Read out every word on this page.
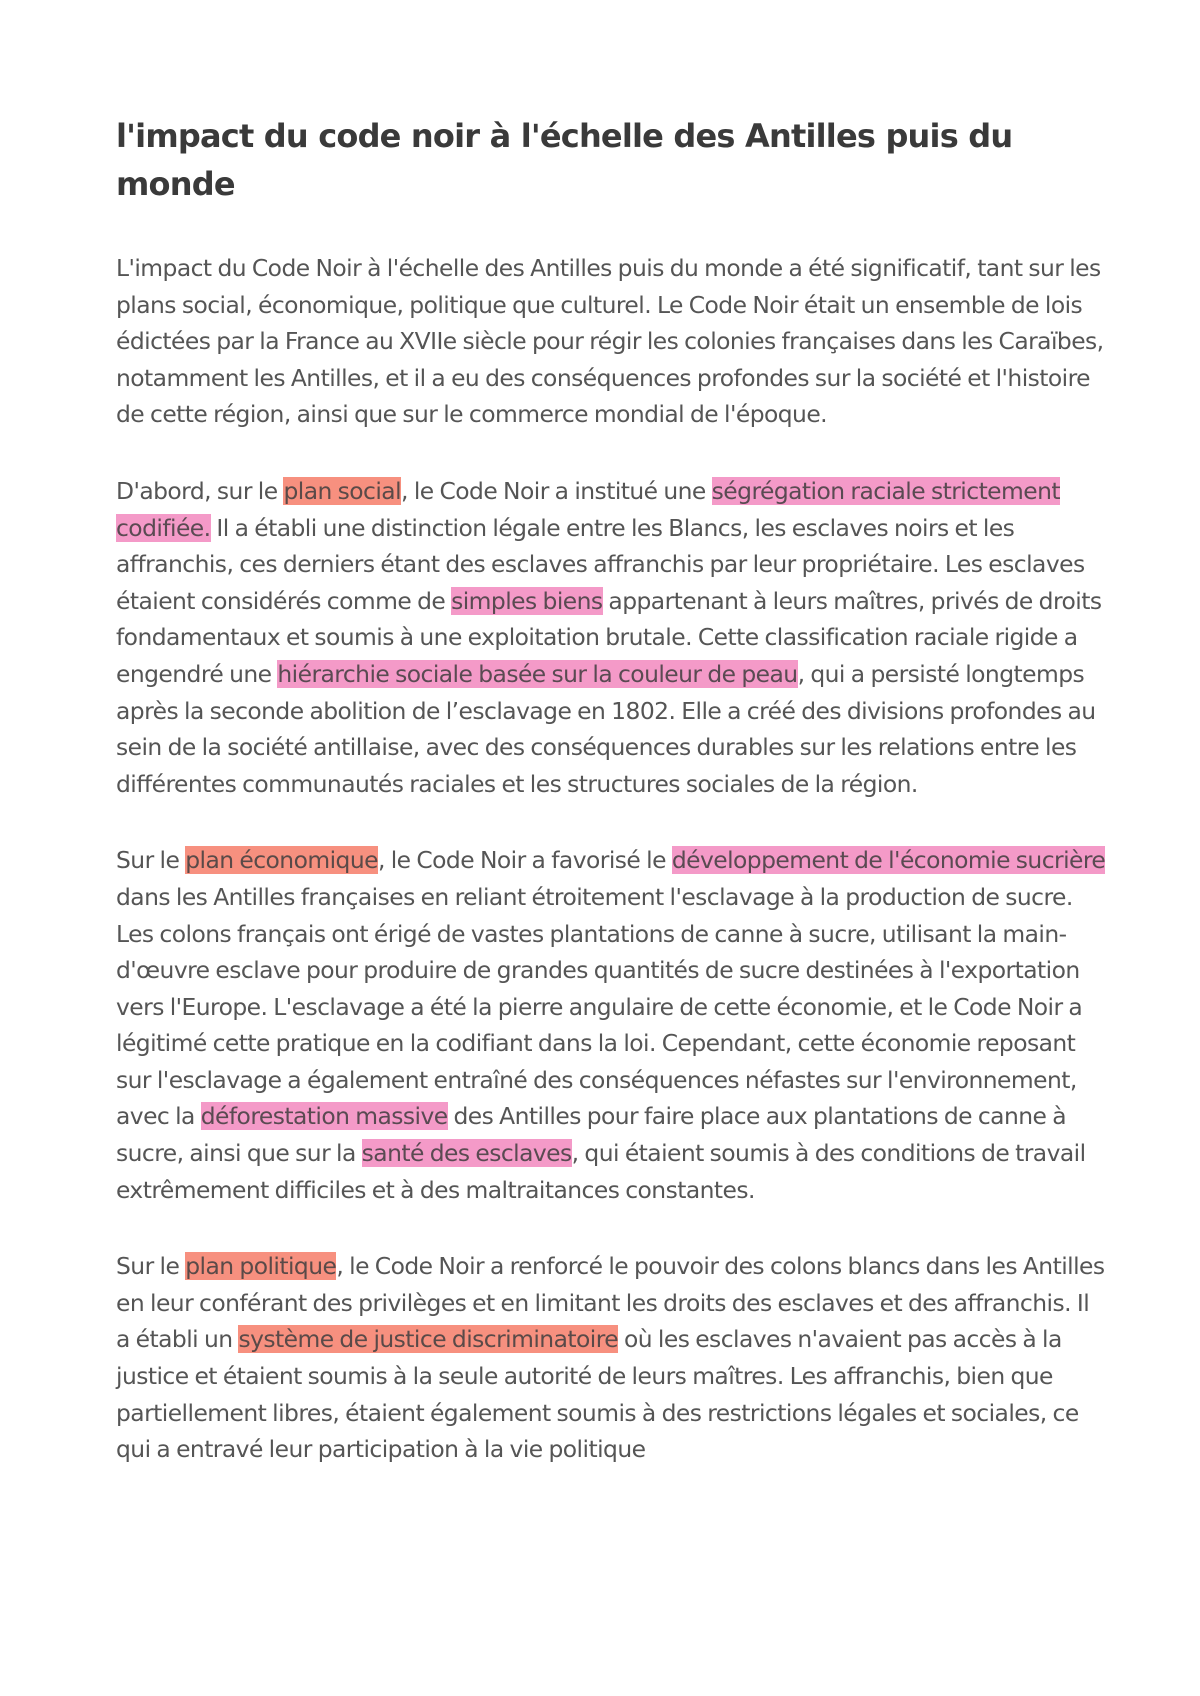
l'impact du code noir à l'échelle des Antilles puis du monde

L'impact du Code Noir à l'échelle des Antilles puis du monde a été significatif, tant sur les plans social, économique, politique que culturel. Le Code Noir était un ensemble de lois édictées par la France au XVIIe siècle pour régir les colonies françaises dans les Caraïbes, notamment les Antilles, et il a eu des conséquences profondes sur la société et l'histoire de cette région, ainsi que sur le commerce mondial de l'époque.

D'abord, sur le plan social, le Code Noir a institué une ségrégation raciale strictement codifiée. Il a établi une distinction légale entre les Blancs, les esclaves noirs et les affranchis, ces derniers étant des esclaves affranchis par leur propriétaire. Les esclaves étaient considérés comme de simples biens appartenant à leurs maîtres, privés de droits fondamentaux et soumis à une exploitation brutale. Cette classification raciale rigide a engendré une hiérarchie sociale basée sur la couleur de peau, qui a persisté longtemps après la seconde abolition de l’esclavage en 1802. Elle a créé des divisions profondes au sein de la société antillaise, avec des conséquences durables sur les relations entre les différentes communautés raciales et les structures sociales de la région.

Sur le plan économique, le Code Noir a favorisé le développement de l'économie sucrière dans les Antilles françaises en reliant étroitement l'esclavage à la production de sucre. Les colons français ont érigé de vastes plantations de canne à sucre, utilisant la main-d'œuvre esclave pour produire de grandes quantités de sucre destinées à l'exportation vers l'Europe. L'esclavage a été la pierre angulaire de cette économie, et le Code Noir a légitimé cette pratique en la codifiant dans la loi. Cependant, cette économie reposant sur l'esclavage a également entraîné des conséquences néfastes sur l'environnement, avec la déforestation massive des Antilles pour faire place aux plantations de canne à sucre, ainsi que sur la santé des esclaves, qui étaient soumis à des conditions de travail extrêmement difficiles et à des maltraitances constantes.

Sur le plan politique, le Code Noir a renforcé le pouvoir des colons blancs dans les Antilles en leur conférant des privilèges et en limitant les droits des esclaves et des affranchis. Il a établi un système de justice discriminatoire où les esclaves n'avaient pas accès à la justice et étaient soumis à la seule autorité de leurs maîtres. Les affranchis, bien que partiellement libres, étaient également soumis à des restrictions légales et sociales, ce qui a entravé leur participation à la vie politique
